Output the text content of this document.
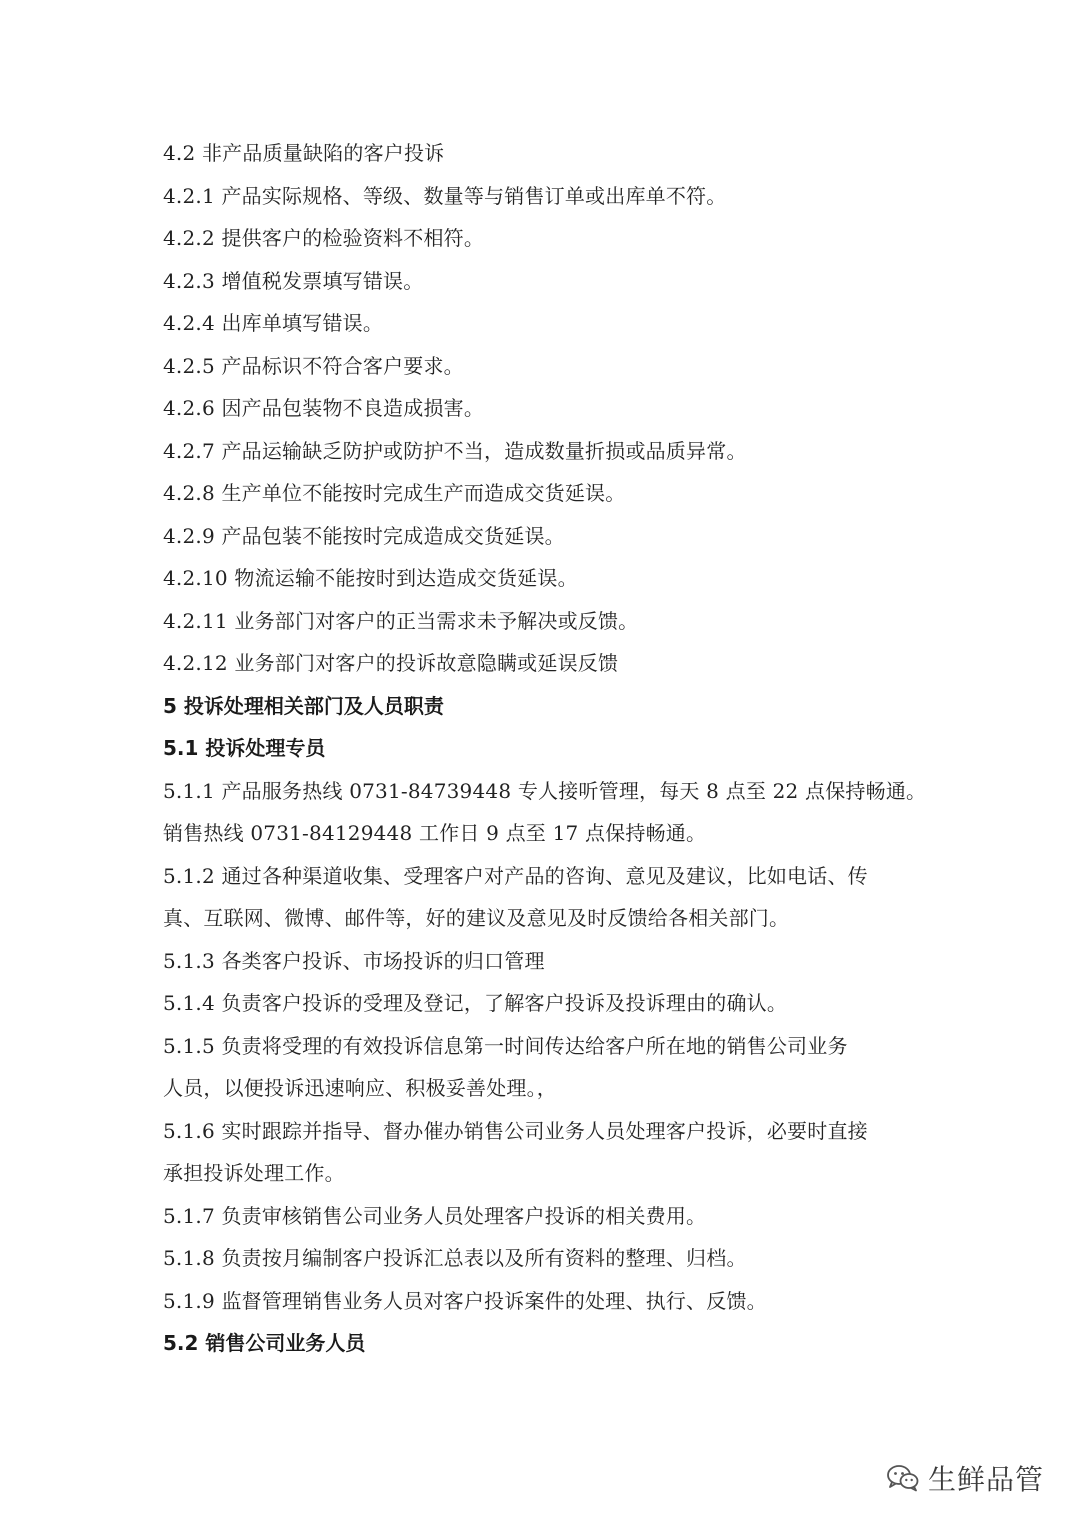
4.2 非产品质量缺陷的客户投诉
4.2.1 产品实际规格、等级、数量等与销售订单或出库单不符。
4.2.2 提供客户的检验资料不相符。
4.2.3 增值税发票填写错误。
4.2.4 出库单填写错误。
4.2.5 产品标识不符合客户要求。
4.2.6 因产品包装物不良造成损害。
4.2.7 产品运输缺乏防护或防护不当，造成数量折损或品质异常。
4.2.8 生产单位不能按时完成生产而造成交货延误。
4.2.9 产品包装不能按时完成造成交货延误。
4.2.10 物流运输不能按时到达造成交货延误。
4.2.11 业务部门对客户的正当需求未予解决或反馈。
4.2.12 业务部门对客户的投诉故意隐瞒或延误反馈
5 投诉处理相关部门及人员职责
5.1 投诉处理专员
5.1.1 产品服务热线 0731-84739448 专人接听管理，每天 8 点至 22 点保持畅通。
销售热线 0731-84129448 工作日 9 点至 17 点保持畅通。
5.1.2 通过各种渠道收集、受理客户对产品的咨询、意见及建议，比如电话、传
真、互联网、微博、邮件等，好的建议及意见及时反馈给各相关部门。
5.1.3 各类客户投诉、市场投诉的归口管理
5.1.4 负责客户投诉的受理及登记，了解客户投诉及投诉理由的确认。
5.1.5 负责将受理的有效投诉信息第一时间传达给客户所在地的销售公司业务
人员，以便投诉迅速响应、积极妥善处理。，
5.1.6 实时跟踪并指导、督办催办销售公司业务人员处理客户投诉，必要时直接
承担投诉处理工作。
5.1.7 负责审核销售公司业务人员处理客户投诉的相关费用。
5.1.8 负责按月编制客户投诉汇总表以及所有资料的整理、归档。
5.1.9 监督管理销售业务人员对客户投诉案件的处理、执行、反馈。
5.2 销售公司业务人员
生鲜品管
